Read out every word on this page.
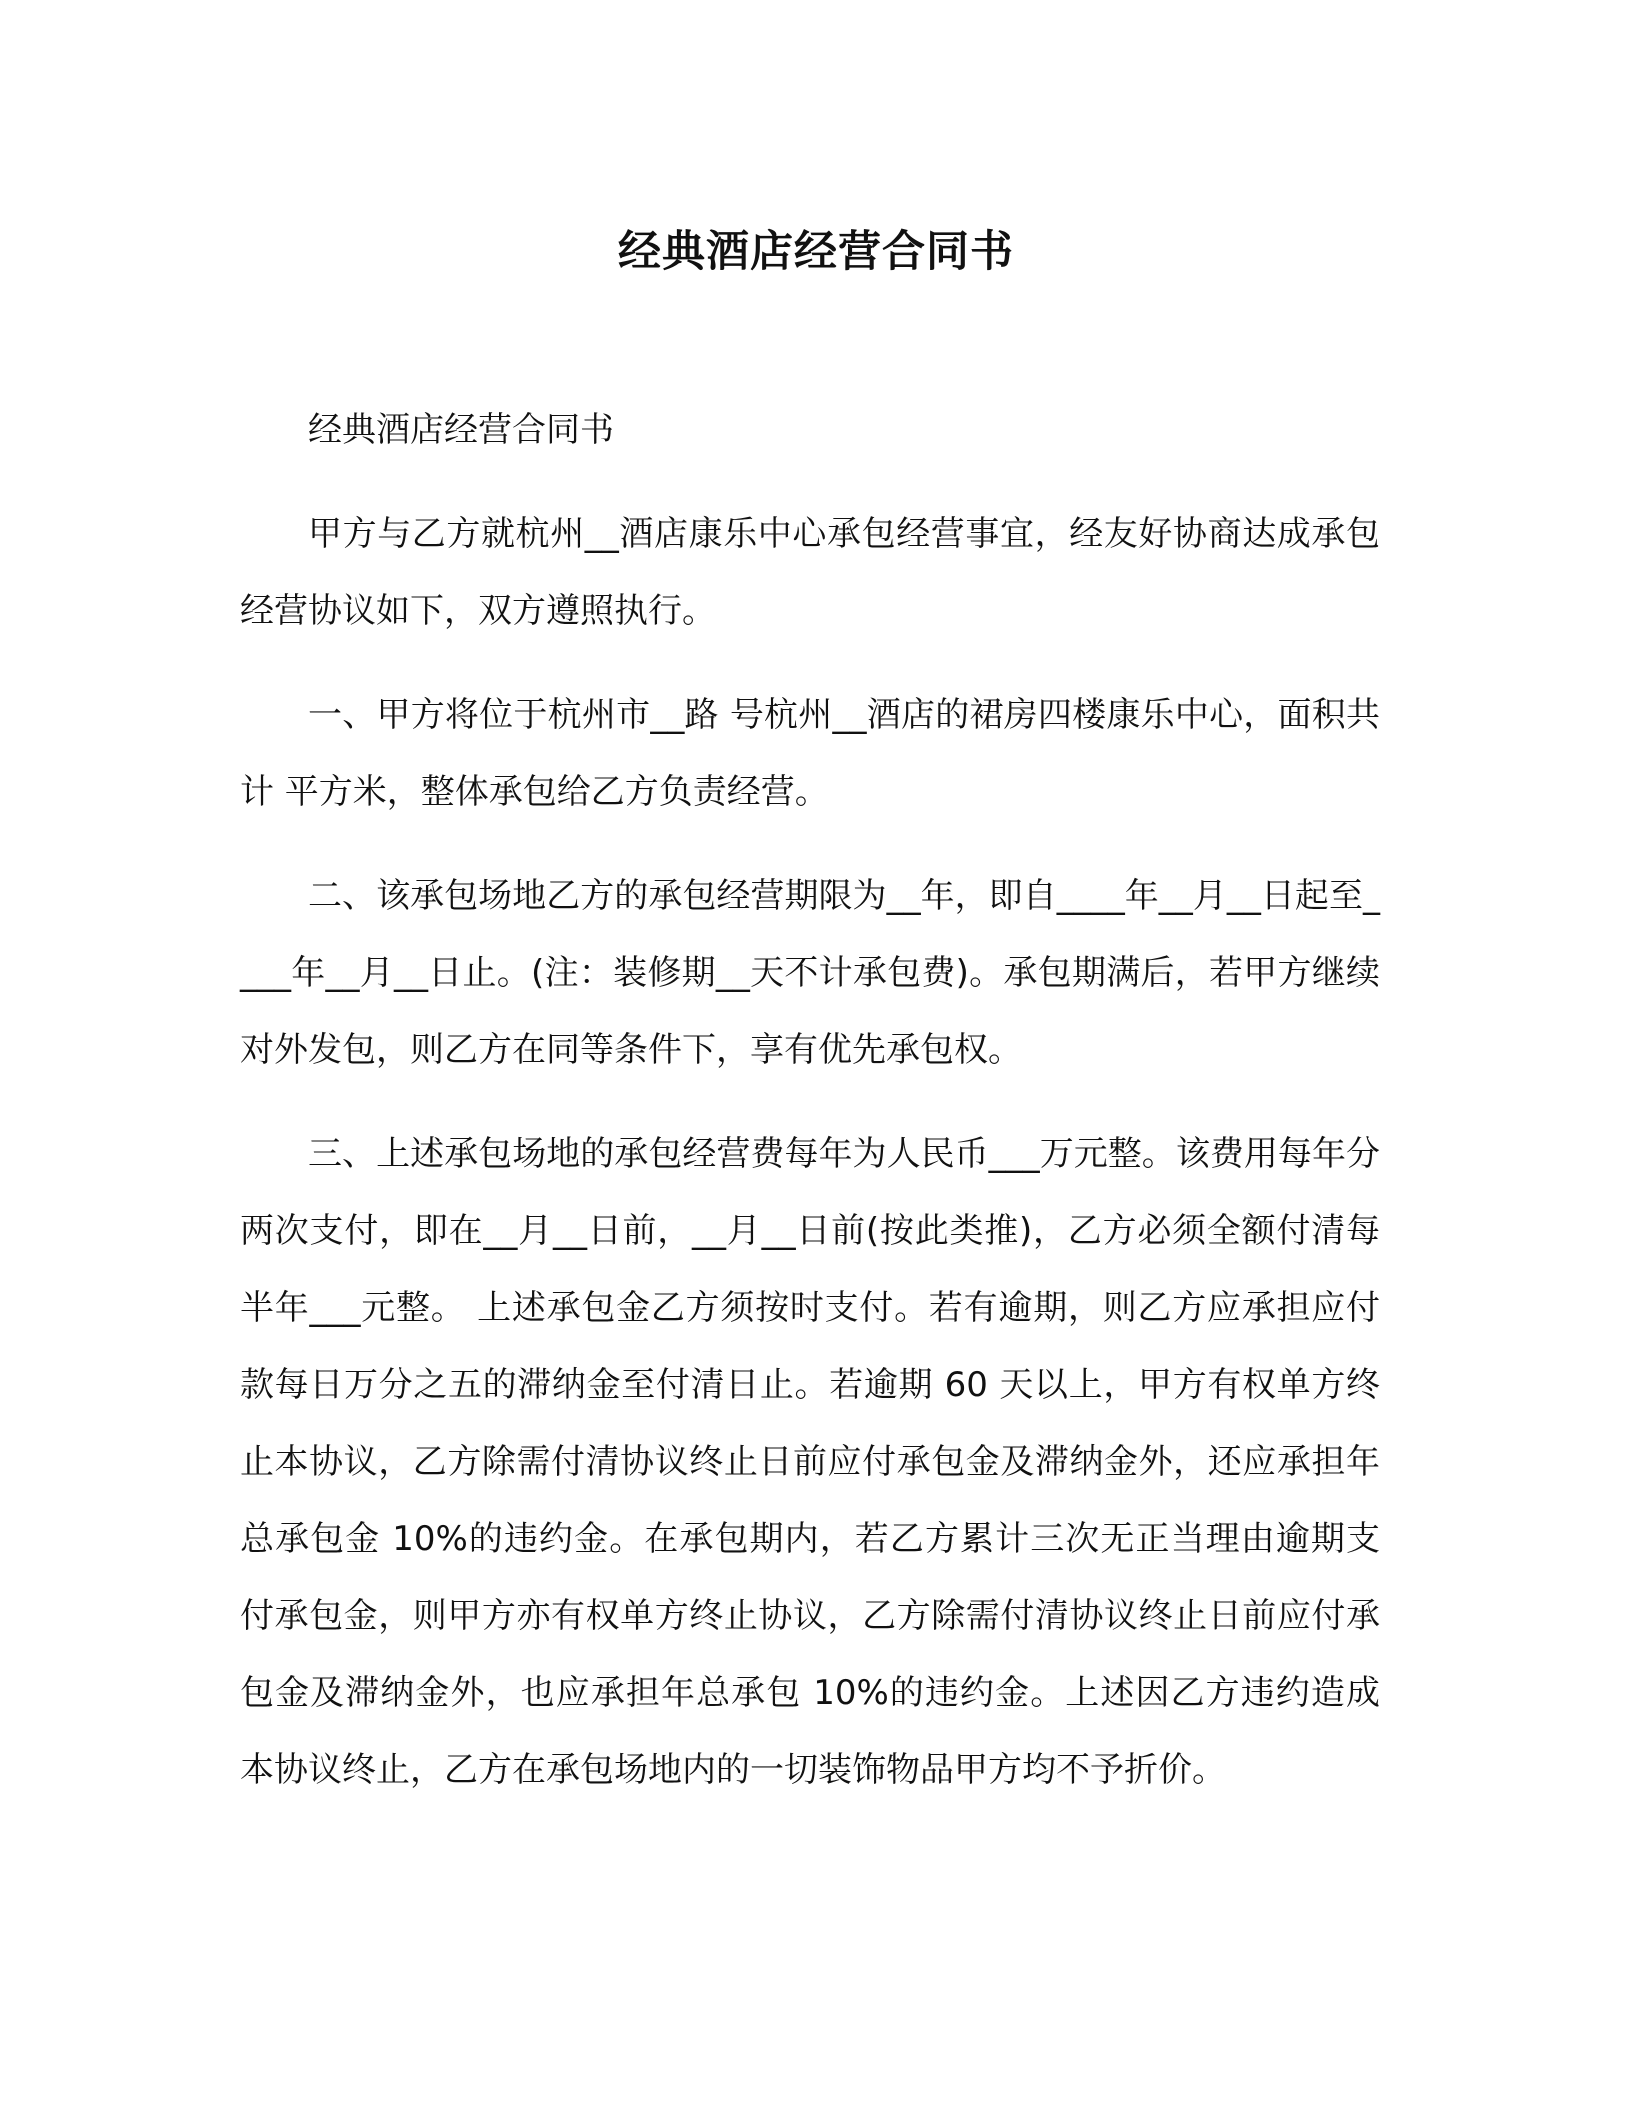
经典酒店经营合同书

经典酒店经营合同书

甲方与乙方就杭州__酒店康乐中心承包经营事宜，经友好协商达成承包经营协议如下，双方遵照执行。

一、甲方将位于杭州市__路 号杭州__酒店的裙房四楼康乐中心，面积共计 平方米，整体承包给乙方负责经营。

二、该承包场地乙方的承包经营期限为__年，即自____年__月__日起至____年__月__日止。(注：装修期__天不计承包费)。承包期满后，若甲方继续对外发包，则乙方在同等条件下，享有优先承包权。

三、上述承包场地的承包经营费每年为人民币___万元整。该费用每年分两次支付，即在__月__日前，__月__日前(按此类推)，乙方必须全额付清每半年___元整。 上述承包金乙方须按时支付。若有逾期，则乙方应承担应付款每日万分之五的滞纳金至付清日止。若逾期 60 天以上，甲方有权单方终止本协议，乙方除需付清协议终止日前应付承包金及滞纳金外，还应承担年总承包金 10%的违约金。在承包期内，若乙方累计三次无正当理由逾期支付承包金，则甲方亦有权单方终止协议，乙方除需付清协议终止日前应付承包金及滞纳金外，也应承担年总承包 10%的违约金。上述因乙方违约造成本协议终止，乙方在承包场地内的一切装饰物品甲方均不予折价。
